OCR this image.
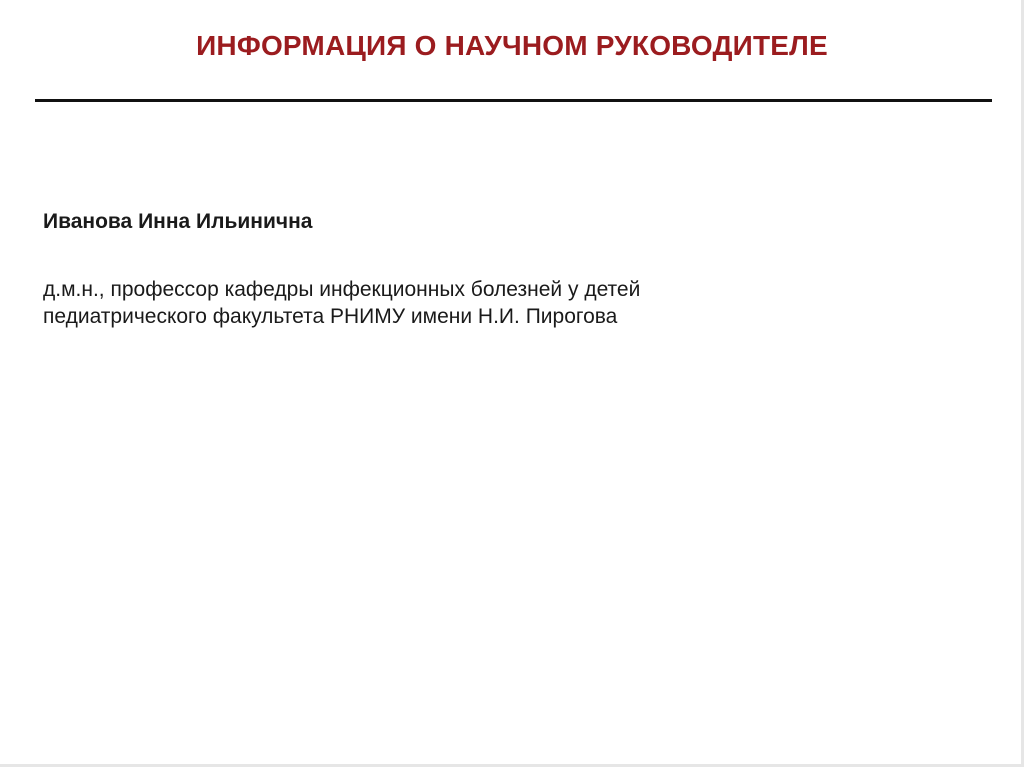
ИНФОРМАЦИЯ О НАУЧНОМ РУКОВОДИТЕЛЕ
Иванова Инна Ильинична
д.м.н., профессор кафедры инфекционных болезней у детей
педиатрического факультета РНИМУ имени Н.И. Пирогова
